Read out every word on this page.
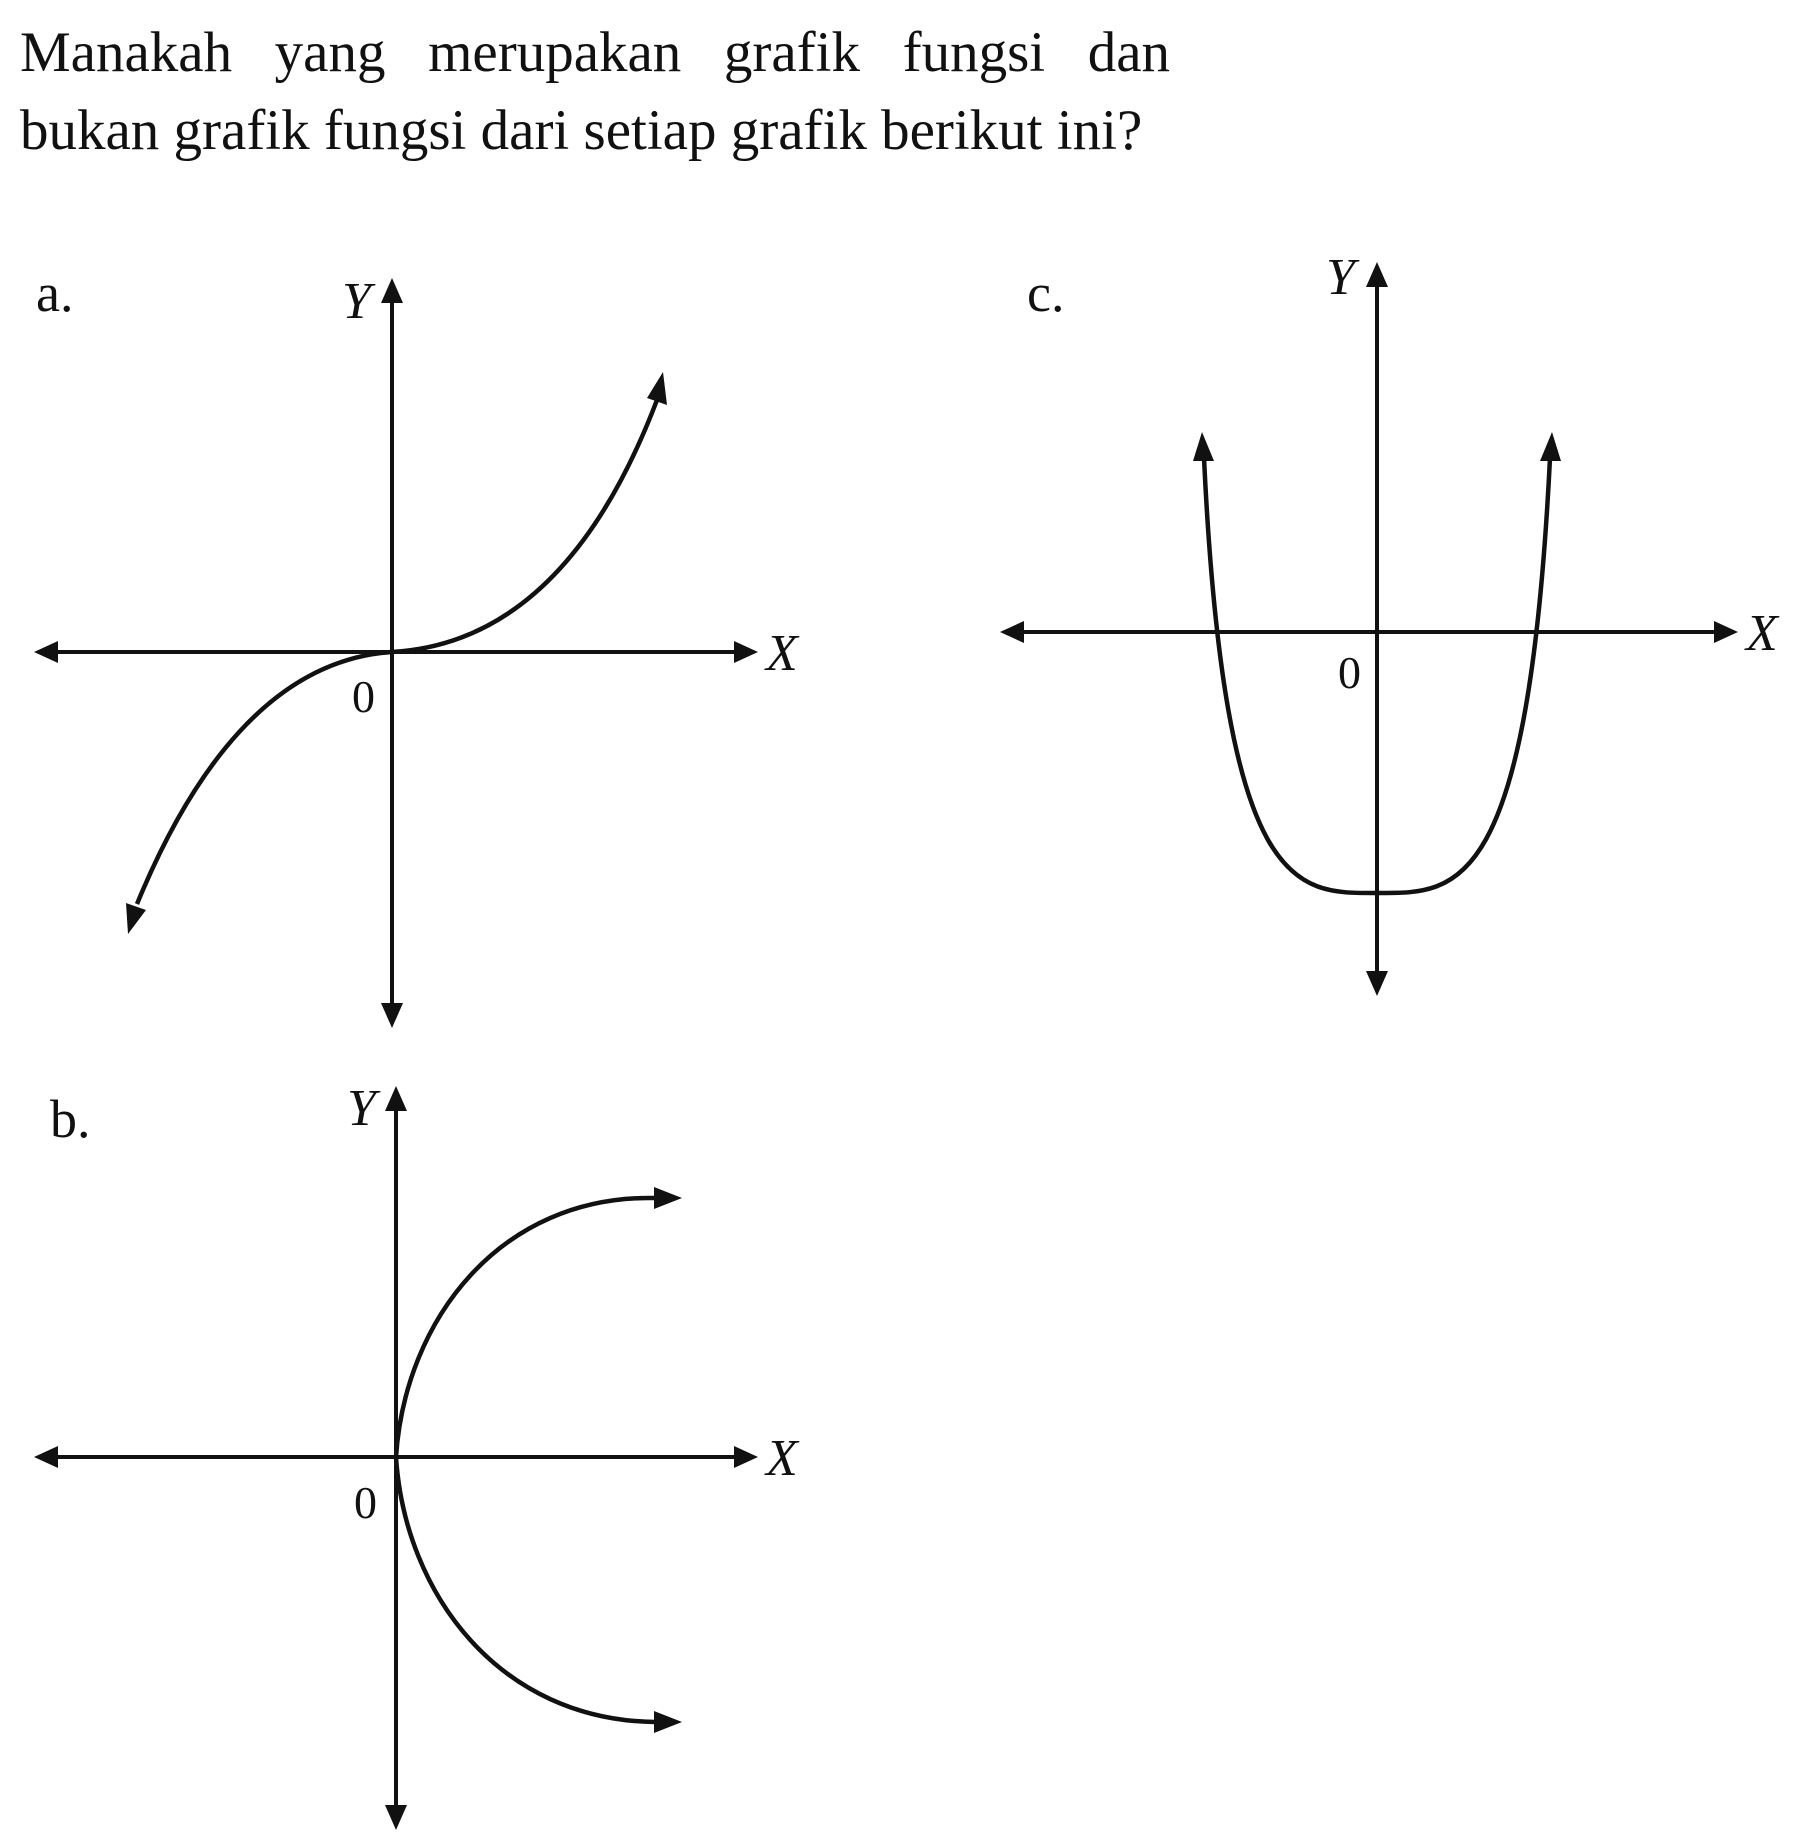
Manakah yang merupakan grafik fungsi dan bukan grafik fungsi dari setiap grafik berikut ini?

a.	c.
b.
Y
X
0
Y
X
0
Y
X
0
